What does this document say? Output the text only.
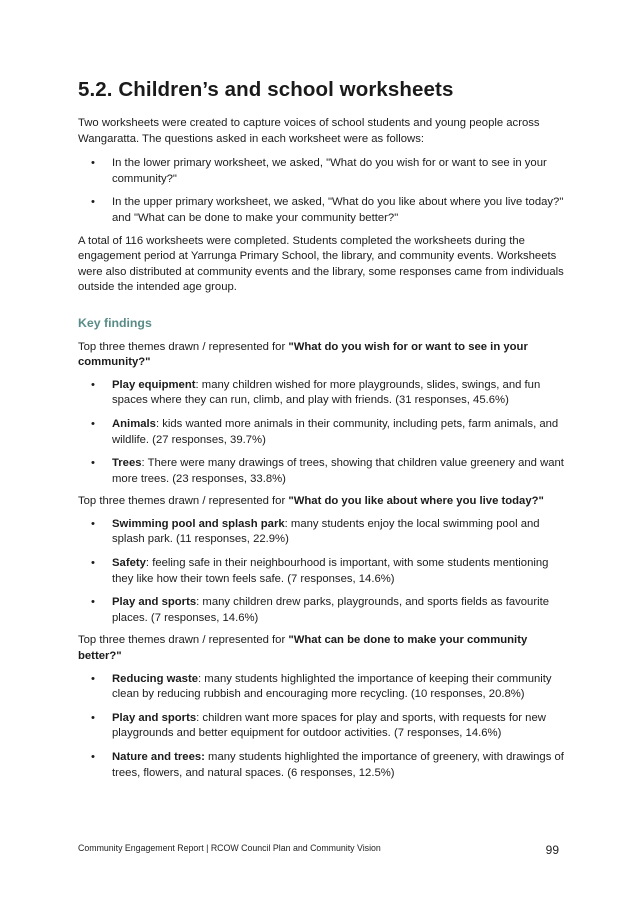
5.2. Children’s and school worksheets

Two worksheets were created to capture voices of school students and young people across Wangaratta. The questions asked in each worksheet were as follows:

• In the lower primary worksheet, we asked, "What do you wish for or want to see in your community?"
• In the upper primary worksheet, we asked, "What do you like about where you live today?" and "What can be done to make your community better?"

A total of 116 worksheets were completed. Students completed the worksheets during the engagement period at Yarrunga Primary School, the library, and community events. Worksheets were also distributed at community events and the library, some responses came from individuals outside the intended age group.

Key findings

Top three themes drawn / represented for "What do you wish for or want to see in your community?"

• Play equipment: many children wished for more playgrounds, slides, swings, and fun spaces where they can run, climb, and play with friends. (31 responses, 45.6%)
• Animals: kids wanted more animals in their community, including pets, farm animals, and wildlife. (27 responses, 39.7%)
• Trees: There were many drawings of trees, showing that children value greenery and want more trees. (23 responses, 33.8%)

Top three themes drawn / represented for "What do you like about where you live today?"

• Swimming pool and splash park: many students enjoy the local swimming pool and splash park. (11 responses, 22.9%)
• Safety: feeling safe in their neighbourhood is important, with some students mentioning they like how their town feels safe. (7 responses, 14.6%)
• Play and sports: many children drew parks, playgrounds, and sports fields as favourite places. (7 responses, 14.6%)

Top three themes drawn / represented for "What can be done to make your community better?"

• Reducing waste: many students highlighted the importance of keeping their community clean by reducing rubbish and encouraging more recycling. (10 responses, 20.8%)
• Play and sports: children want more spaces for play and sports, with requests for new playgrounds and better equipment for outdoor activities. (7 responses, 14.6%)
• Nature and trees: many students highlighted the importance of greenery, with drawings of trees, flowers, and natural spaces. (6 responses, 12.5%)
Community Engagement Report | RCOW Council Plan and Community Vision	99
